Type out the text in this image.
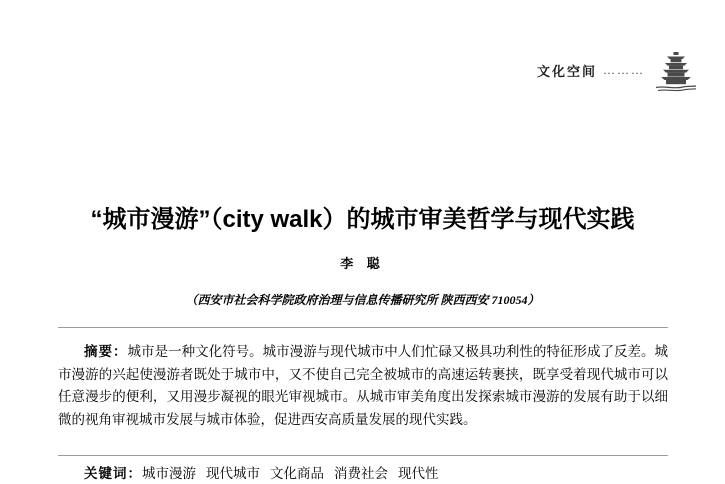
文化空间 ………
“城市漫游”（city walk）的城市审美哲学与现代实践
李 聪
（西安市社会科学院政府治理与信息传播研究所 陕西西安 710054）
摘要：城市是一种文化符号。城市漫游与现代城市中人们忙碌又极具功利性的特征形成了反差。城市漫游的兴起使漫游者既处于城市中，又不使自己完全被城市的高速运转裹挟，既享受着现代城市可以任意漫步的便利，又用漫步凝视的眼光审视城市。从城市审美角度出发探索城市漫游的发展有助于以细微的视角审视城市发展与城市体验，促进西安高质量发展的现代实践。
关键词：城市漫游 现代城市 文化商品 消费社会 现代性
